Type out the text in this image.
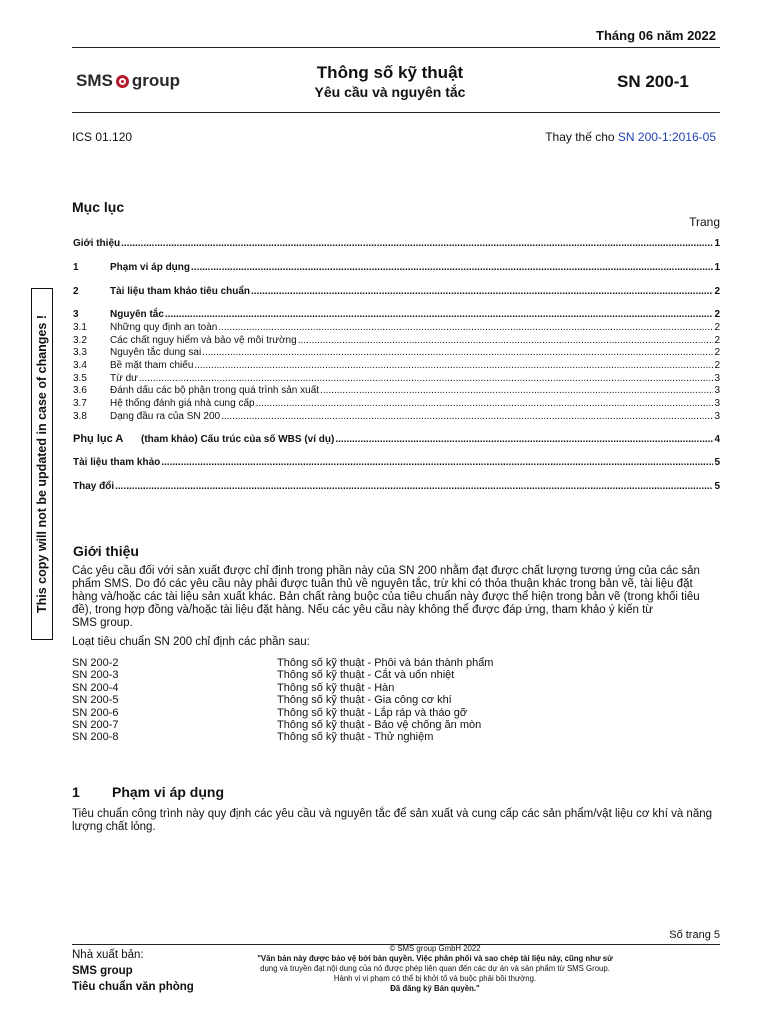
Tháng 06 năm 2022
SMS group	Thông số kỹ thuật
Yêu cầu và nguyên tắc
SN 200-1
ICS 01.120	Thay thế cho SN 200-1:2016-05
This copy will not be updated in case of changes !
Mục lục
Trang
Giới thiệu .....	1
1	Phạm vi áp dụng .....	1
2	Tài liệu tham khảo tiêu chuẩn .....	2
3	Nguyên tắc .....	2
3.1	Những quy định an toàn .....	2
3.2	Các chất nguy hiểm và bảo vệ môi trường .....	2
3.3	Nguyên tắc dung sai .....	2
3.4	Bề mặt tham chiếu .....	2
3.5	Từ dư .....	3
3.6	Đánh dấu các bộ phận trong quá trình sản xuất .....	3
3.7	Hệ thống đánh giá nhà cung cấp .....	3
3.8	Dạng đầu ra của SN 200 .....	3
Phụ lục A	(tham khảo) Cấu trúc của số WBS (ví dụ) .....	4
Tài liệu tham khảo .....	5
Thay đổi .....	5
Giới thiệu
Các yêu cầu đối với sản xuất được chỉ định trong phần này của SN 200 nhằm đạt được chất lượng tương ứng của các sản
phẩm SMS. Do đó các yêu cầu này phải được tuân thủ về nguyên tắc, trừ khi có thỏa thuận khác trong bản vẽ, tài liệu đặt
hàng và/hoặc các tài liệu sản xuất khác. Bản chất ràng buộc của tiêu chuẩn này được thể hiện trong bản vẽ (trong khối tiêu
đề), trong hợp đồng và/hoặc tài liệu đặt hàng. Nếu các yêu cầu này không thể được đáp ứng, tham khảo ý kiến từ
SMS group.
Loạt tiêu chuẩn SN 200 chỉ định các phần sau:
SN 200-2	Thông số kỹ thuật - Phôi và bán thành phẩm
SN 200-3	Thông số kỹ thuật - Cắt và uốn nhiệt
SN 200-4	Thông số kỹ thuật - Hàn
SN 200-5	Thông số kỹ thuật - Gia công cơ khí
SN 200-6	Thông số kỹ thuật - Lắp ráp và tháo gỡ
SN 200-7	Thông số kỹ thuật - Bảo vệ chống ăn mòn
SN 200-8	Thông số kỹ thuật - Thử nghiệm
1 Phạm vi áp dụng
Tiêu chuẩn công trình này quy định các yêu cầu và nguyên tắc để sản xuất và cung cấp các sản phẩm/vật liệu cơ khí và năng
lượng chất lỏng.
Số trang 5
Nhà xuất bản:
SMS group
Tiêu chuẩn văn phòng
© SMS group GmbH 2022
"Văn bản này được bảo vệ bởi bản quyền. Việc phân phối và sao chép tài liệu này, cũng như sử
dụng và truyền đạt nội dung của nó được phép liên quan đến các dự án và sản phẩm từ SMS Group.
Hành vi vi phạm có thể bị khởi tố và buộc phải bồi thường.
Đã đăng ký Bản quyền."
